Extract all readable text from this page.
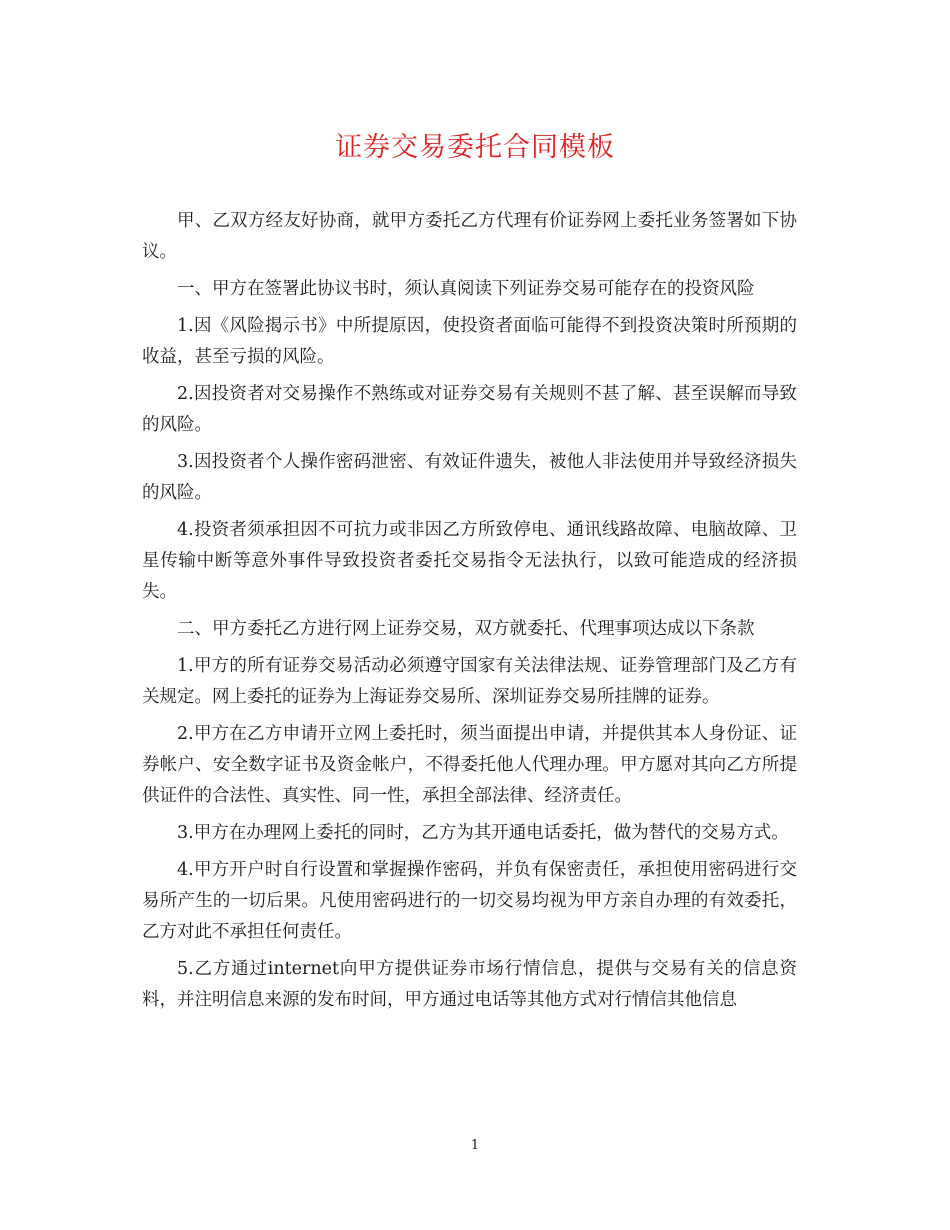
证券交易委托合同模板

甲、乙双方经友好协商，就甲方委托乙方代理有价证券网上委托业务签署如下协议。

一、甲方在签署此协议书时，须认真阅读下列证券交易可能存在的投资风险

1.因《风险揭示书》中所提原因，使投资者面临可能得不到投资决策时所预期的收益，甚至亏损的风险。

2.因投资者对交易操作不熟练或对证券交易有关规则不甚了解、甚至误解而导致的风险。

3.因投资者个人操作密码泄密、有效证件遗失，被他人非法使用并导致经济损失的风险。

4.投资者须承担因不可抗力或非因乙方所致停电、通讯线路故障、电脑故障、卫星传输中断等意外事件导致投资者委托交易指令无法执行，以致可能造成的经济损失。

二、甲方委托乙方进行网上证券交易，双方就委托、代理事项达成以下条款

1.甲方的所有证券交易活动必须遵守国家有关法律法规、证券管理部门及乙方有关规定。网上委托的证券为上海证券交易所、深圳证券交易所挂牌的证券。

2.甲方在乙方申请开立网上委托时，须当面提出申请，并提供其本人身份证、证券帐户、安全数字证书及资金帐户，不得委托他人代理办理。甲方愿对其向乙方所提供证件的合法性、真实性、同一性，承担全部法律、经济责任。

3.甲方在办理网上委托的同时，乙方为其开通电话委托，做为替代的交易方式。

4.甲方开户时自行设置和掌握操作密码，并负有保密责任，承担使用密码进行交易所产生的一切后果。凡使用密码进行的一切交易均视为甲方亲自办理的有效委托，乙方对此不承担任何责任。

5.乙方通过internet向甲方提供证券市场行情信息，提供与交易有关的信息资料，并注明信息来源的发布时间，甲方通过电话等其他方式对行情信其他信息

1
